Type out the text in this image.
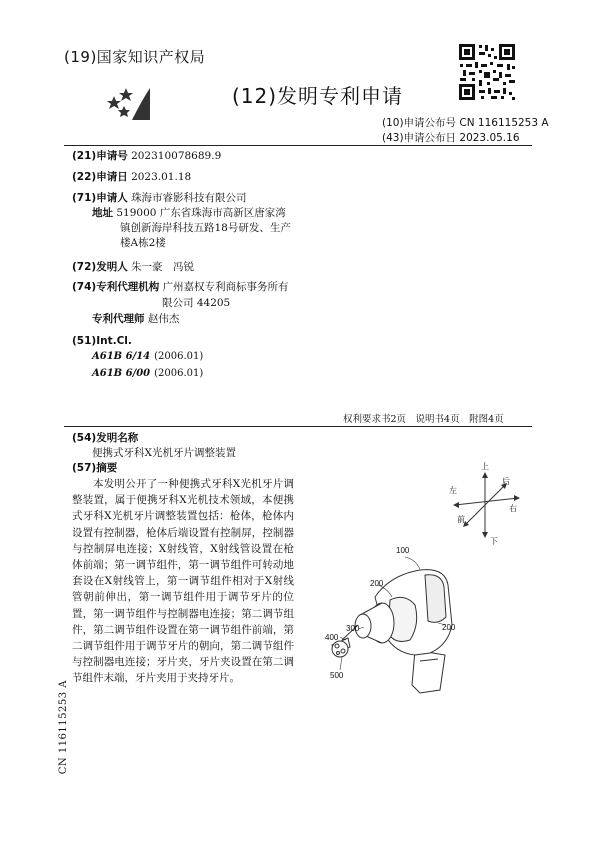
(19)国家知识产权局
(12)发明专利申请
(10)申请公布号 CN 116115253 A
(43)申请公布日 2023.05.16
(21)申请号 202310078689.9
(22)申请日 2023.01.18
(71)申请人 珠海市睿影科技有限公司
地址 519000 广东省珠海市高新区唐家湾
镇创新海岸科技五路18号研发、生产
楼A栋2楼
(72)发明人 朱一豪　冯锐
(74)专利代理机构 广州嘉权专利商标事务所有
限公司 44205
专利代理师 赵伟杰
(51)Int.Cl.
A61B 6/14 (2006.01)
A61B 6/00 (2006.01)
权利要求书2页　说明书4页　附图4页
(54)发明名称
便携式牙科X光机牙片调整装置
(57)摘要
本发明公开了一种便携式牙科X光机牙片调整装置，属于便携牙科X光机技术领域，本便携式牙科X光机牙片调整装置包括：枪体，枪体内设置有控制器，枪体后端设置有控制屏，控制器与控制屏电连接；X射线管，X射线管设置在枪体前端；第一调节组件，第一调节组件可转动地套设在X射线管上，第一调节组件相对于X射线管朝前伸出，第一调节组件用于调节牙片的位置，第一调节组件与控制器电连接；第二调节组件，第二调节组件设置在第一调节组件前端，第二调节组件用于调节牙片的朝向，第二调节组件与控制器电连接；牙片夹，牙片夹设置在第二调节组件末端，牙片夹用于夹持牙片。
CN 116115253 A
上
下
左
右
前
后
100
200
200
300
400
500
